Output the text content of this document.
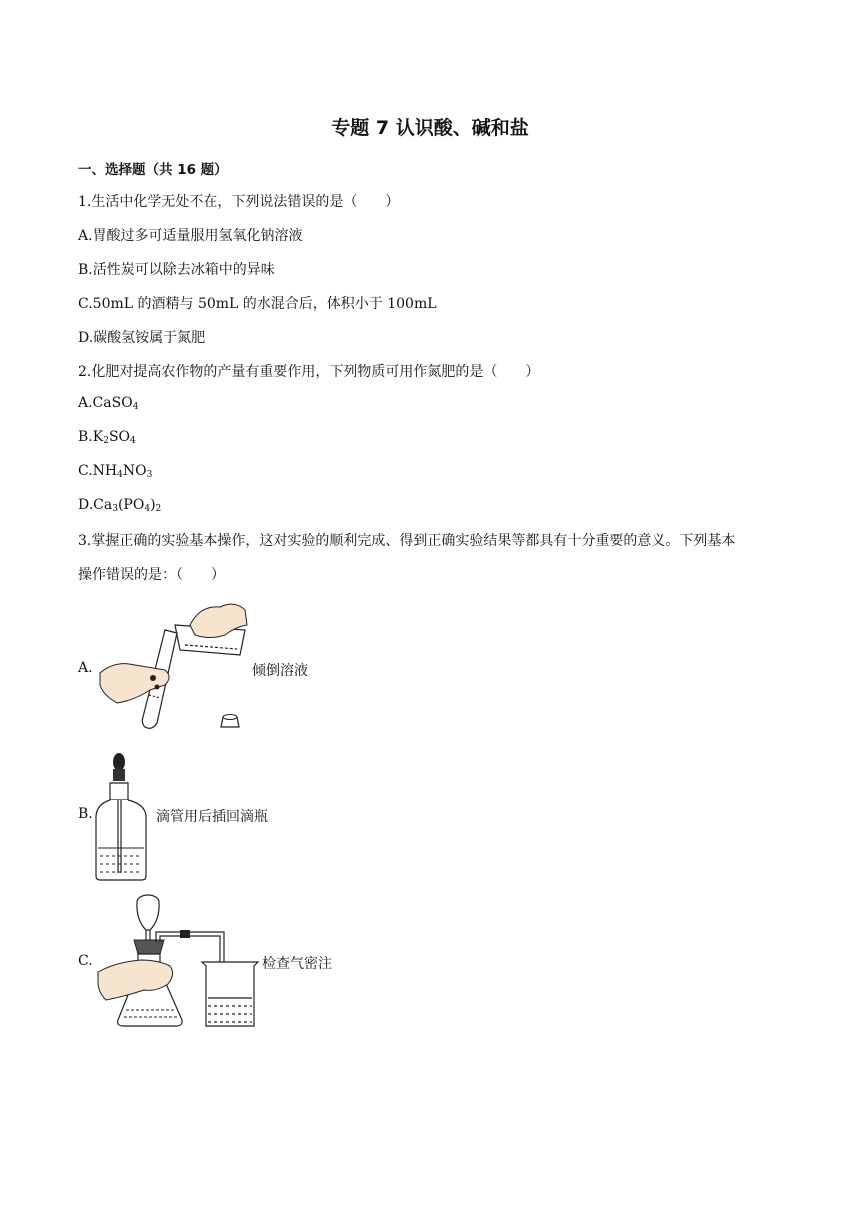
专题 7 认识酸、碱和盐
一、选择题（共 16 题）
1.生活中化学无处不在，下列说法错误的是（　　）
A.胃酸过多可适量服用氢氧化钠溶液
B.活性炭可以除去冰箱中的异味
C.50mL 的酒精与 50mL 的水混合后，体积小于 100mL
D.碳酸氢铵属于氮肥
2.化肥对提高农作物的产量有重要作用，下列物质可用作氮肥的是（　　）
A.CaSO$_4$
$B.K_2SO_4$
$C.NH_4NO_3$
$D.Ca_3(PO_4)_2$
3.掌握正确的实验基本操作，这对实验的顺利完成、得到正确实验结果等都具有十分重要的意义。下列基本
操作错误的是：（　　）
A.	倾倒溶液
B.	滴管用后插回滴瓶
C.	检查气密注
